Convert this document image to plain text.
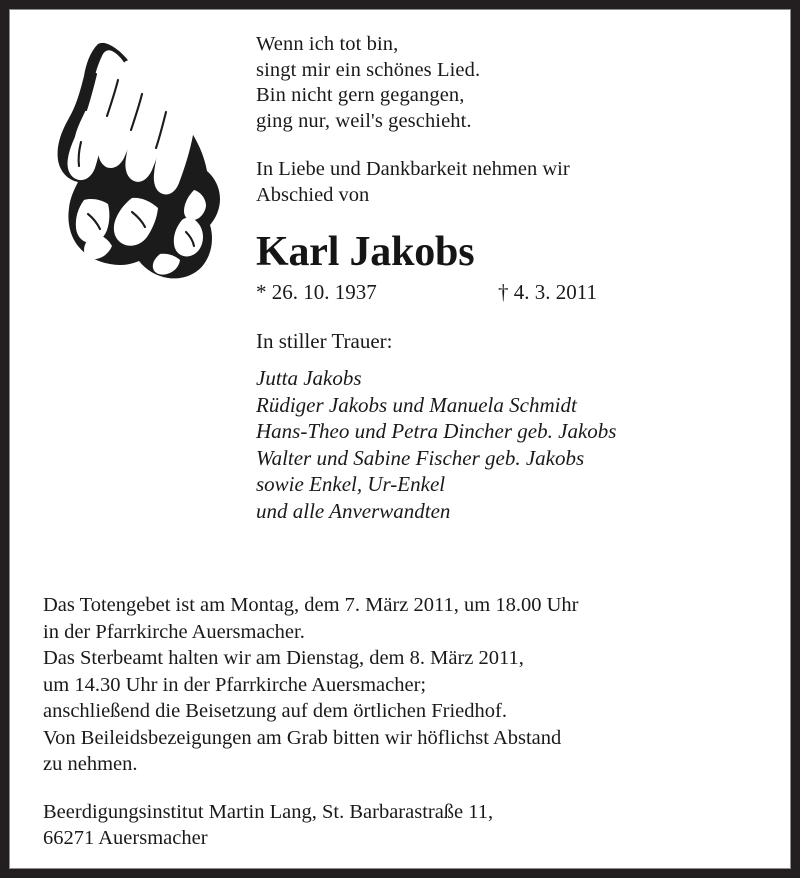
Wenn ich tot bin,
singt mir ein schönes Lied.
Bin nicht gern gegangen,
ging nur, weil's geschieht.
In Liebe und Dankbarkeit nehmen wir
Abschied von
Karl Jakobs
* 26. 10. 1937	† 4. 3. 2011
In stiller Trauer:
Jutta Jakobs
Rüdiger Jakobs und Manuela Schmidt
Hans-Theo und Petra Dincher geb. Jakobs
Walter und Sabine Fischer geb. Jakobs
sowie Enkel, Ur-Enkel
und alle Anverwandten
Das Totengebet ist am Montag, dem 7. März 2011, um 18.00 Uhr
in der Pfarrkirche Auersmacher.
Das Sterbeamt halten wir am Dienstag, dem 8. März 2011,
um 14.30 Uhr in der Pfarrkirche Auersmacher;
anschließend die Beisetzung auf dem örtlichen Friedhof.
Von Beileidsbezeigungen am Grab bitten wir höflichst Abstand
zu nehmen.
Beerdigungsinstitut Martin Lang, St. Barbarastraße 11,
66271 Auersmacher
